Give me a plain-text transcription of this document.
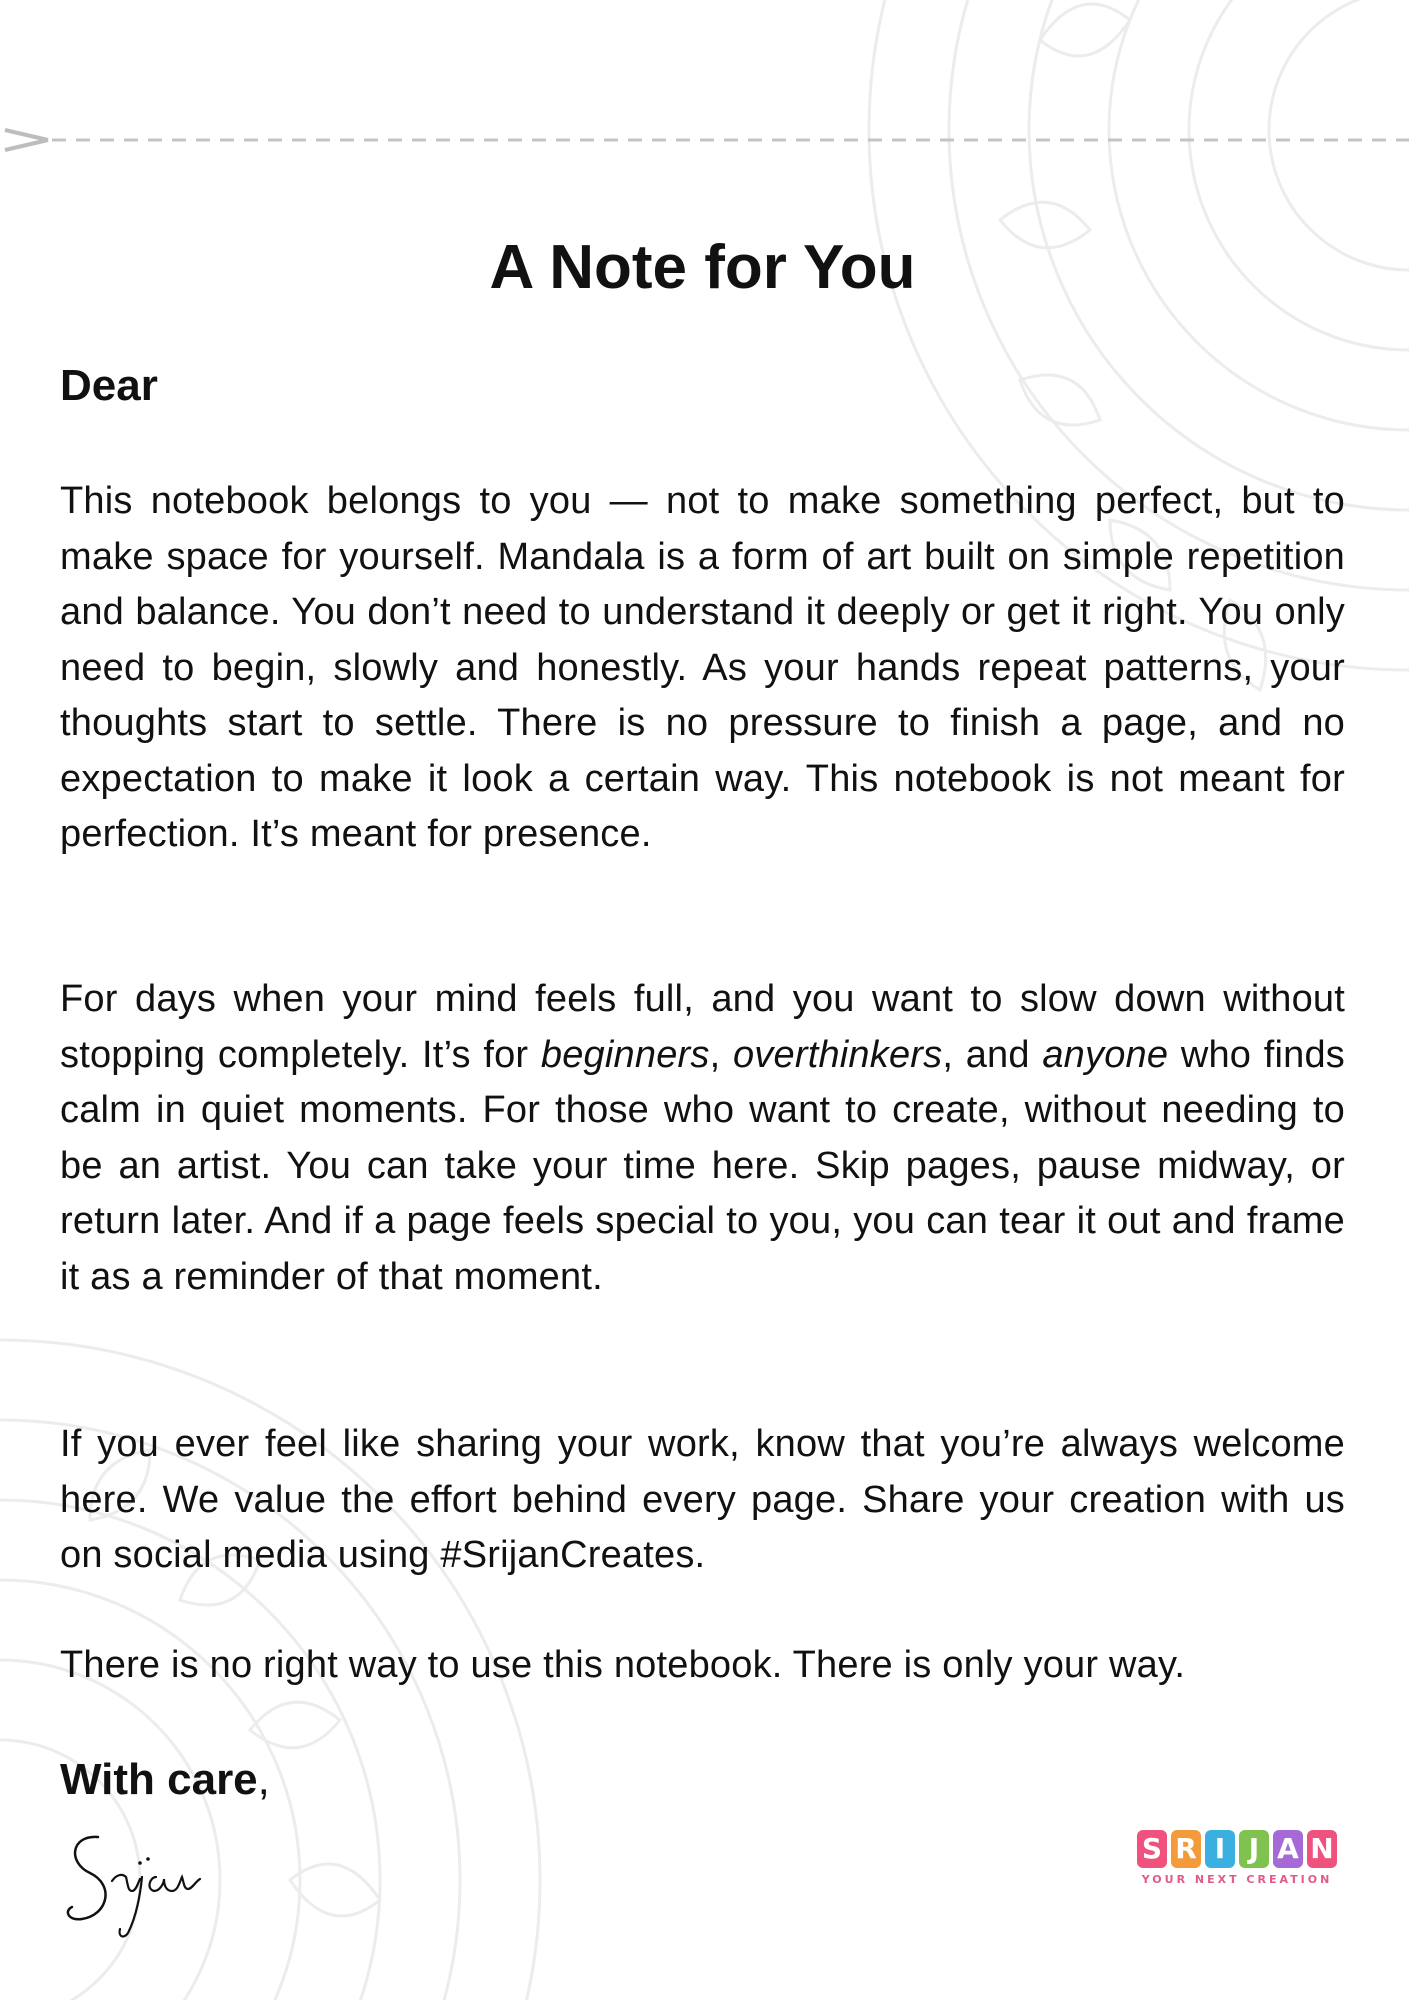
A Note for You

Dear

This notebook belongs to you — not to make something perfect, but to make space for yourself. Mandala is a form of art built on simple repetition and balance. You don’t need to understand it deeply or get it right. You only need to begin, slowly and honestly. As your hands repeat patterns, your thoughts start to settle. There is no pressure to finish a page, and no expectation to make it look a certain way. This notebook is not meant for perfection. It’s meant for presence.

For days when your mind feels full, and you want to slow down without stopping completely. It’s for beginners, overthinkers, and anyone who finds calm in quiet moments. For those who want to create, without needing to be an artist. You can take your time here. Skip pages, pause midway, or return later. And if a page feels special to you, you can tear it out and frame it as a reminder of that moment.

If you ever feel like sharing your work, know that you’re always welcome here. We value the effort behind every page. Share your creation with us on social media using #SrijanCreates.

There is no right way to use this notebook. There is only your way.

With care,

S R I J A N
YOUR NEXT CREATION
